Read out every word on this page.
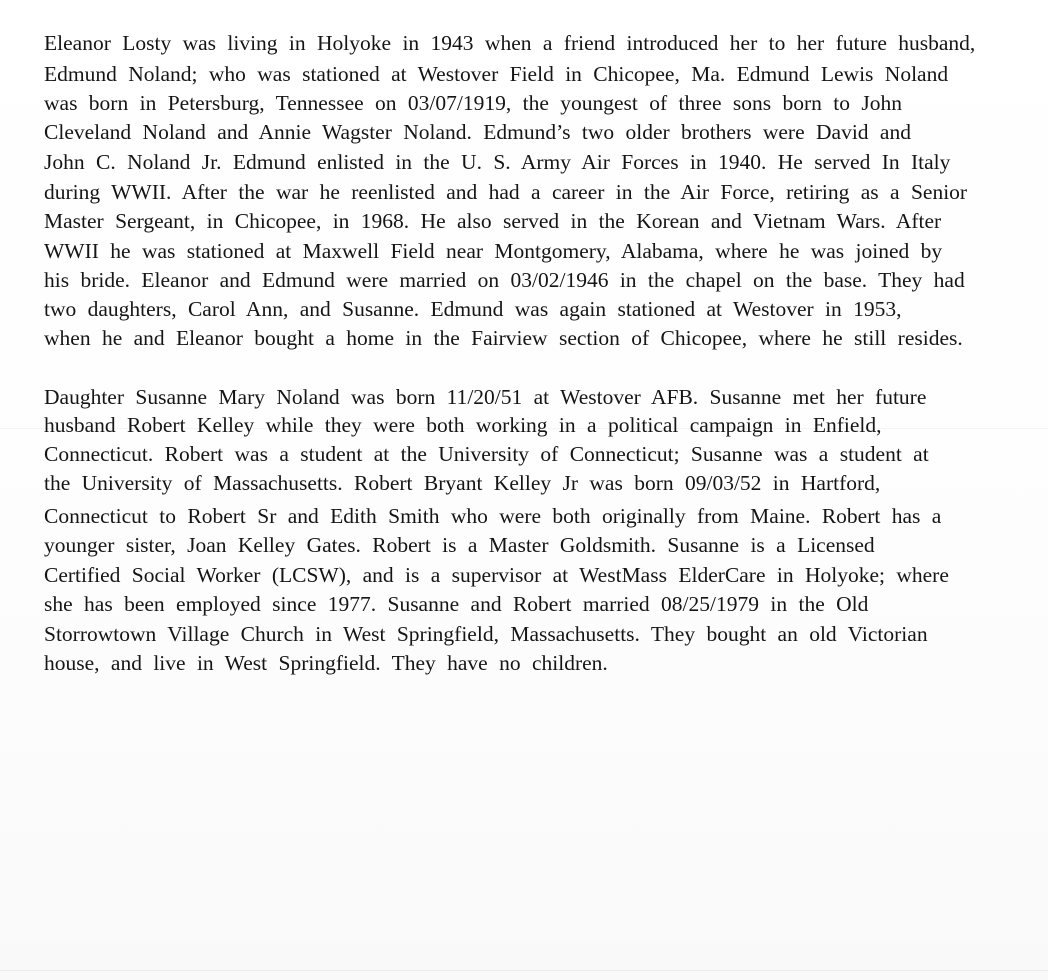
Eleanor Losty was living in Holyoke in 1943 when a friend introduced her to her future husband,
Edmund Noland; who was stationed at Westover Field in Chicopee, Ma. Edmund Lewis Noland
was born in Petersburg, Tennessee on 03/07/1919, the youngest of three sons born to John
Cleveland Noland and Annie Wagster Noland. Edmund’s two older brothers were David and
John C. Noland Jr. Edmund enlisted in the U. S. Army Air Forces in 1940. He served In Italy
during WWII. After the war he reenlisted and had a career in the Air Force, retiring as a Senior
Master Sergeant, in Chicopee, in 1968. He also served in the Korean and Vietnam Wars. After
WWII he was stationed at Maxwell Field near Montgomery, Alabama, where he was joined by
his bride. Eleanor and Edmund were married on 03/02/1946 in the chapel on the base. They had
two daughters, Carol Ann, and Susanne. Edmund was again stationed at Westover in 1953,
when he and Eleanor bought a home in the Fairview section of Chicopee, where he still resides.
Daughter Susanne Mary Noland was born 11/20/51 at Westover AFB. Susanne met her future
husband Robert Kelley while they were both working in a political campaign in Enfield,
Connecticut. Robert was a student at the University of Connecticut; Susanne was a student at
the University of Massachusetts. Robert Bryant Kelley Jr was born 09/03/52 in Hartford,
Connecticut to Robert Sr and Edith Smith who were both originally from Maine. Robert has a
younger sister, Joan Kelley Gates. Robert is a Master Goldsmith. Susanne is a Licensed
Certified Social Worker (LCSW), and is a supervisor at WestMass ElderCare in Holyoke; where
she has been employed since 1977. Susanne and Robert married 08/25/1979 in the Old
Storrowtown Village Church in West Springfield, Massachusetts. They bought an old Victorian
house, and live in West Springfield. They have no children.
